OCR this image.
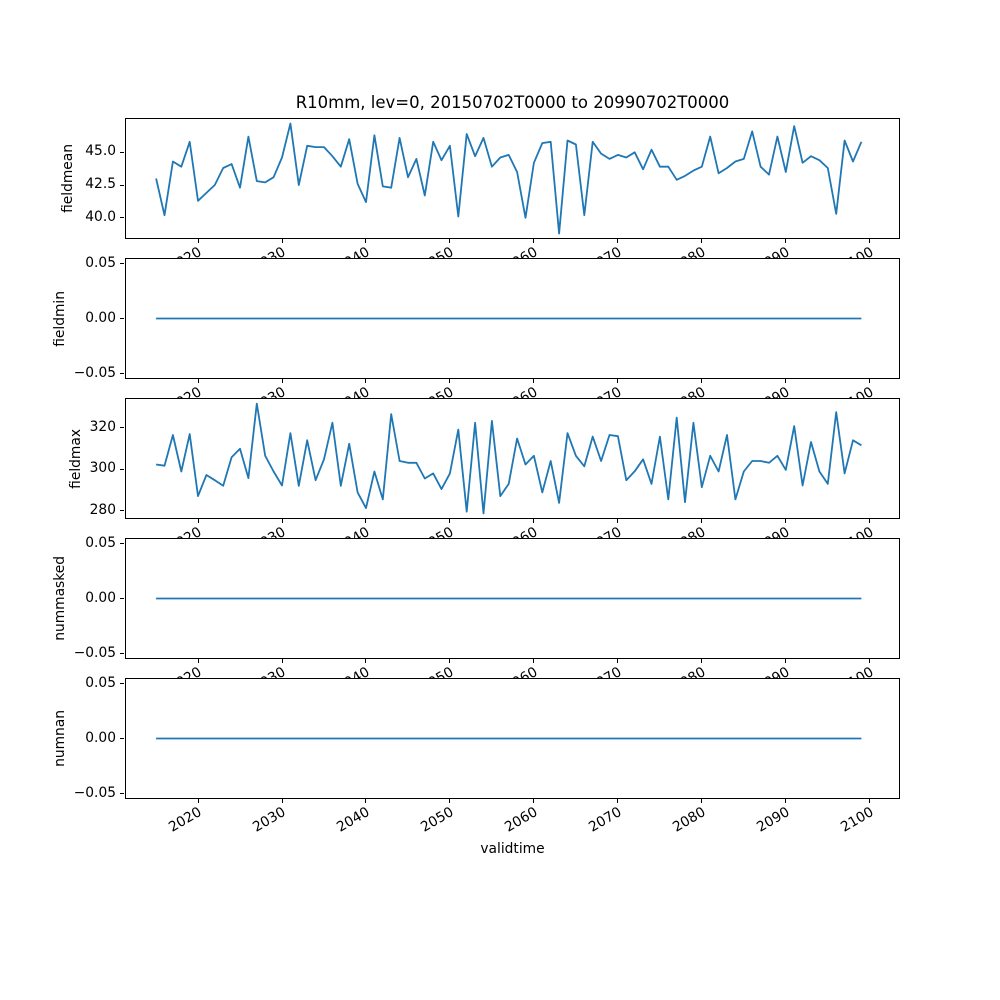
R10mm, lev=0, 20150702T0000 to 20990702T0000
40.0
42.5
45.0
fieldmean
−0.05
0.00
0.05
fieldmin
280
300
320
fieldmax
−0.05
0.00
0.05
nummasked
−0.05
0.00
0.05
2020	2030	2040	2050	2060	2070	2080	2090	2100
numnan
validtime
